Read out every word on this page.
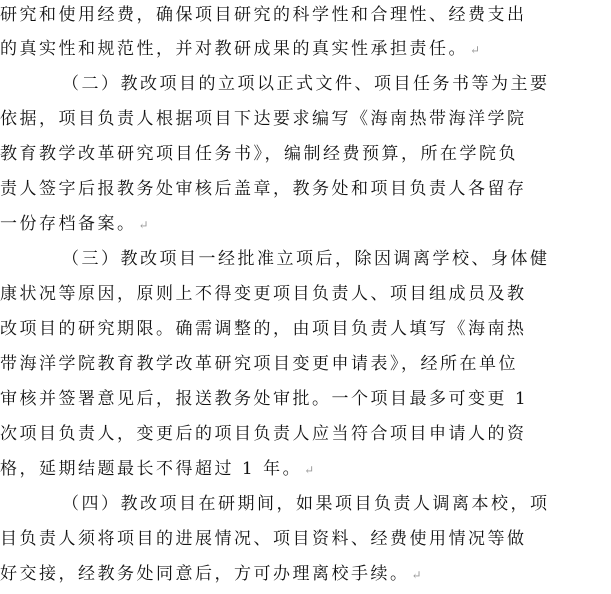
研究和使用经费，确保项目研究的科学性和合理性、经费支出
的真实性和规范性，并对教研成果的真实性承担责任。 ↵
（二）教改项目的立项以正式文件、项目任务书等为主要
依据，项目负责人根据项目下达要求编写《海南热带海洋学院
教育教学改革研究项目任务书》，编制经费预算，所在学院负
责人签字后报教务处审核后盖章，教务处和项目负责人各留存
一份存档备案。 ↵
（三）教改项目一经批准立项后，除因调离学校、身体健
康状况等原因，原则上不得变更项目负责人、项目组成员及教
改项目的研究期限。确需调整的，由项目负责人填写《海南热
带海洋学院教育教学改革研究项目变更申请表》，经所在单位
审核并签署意见后，报送教务处审批。一个项目最多可变更 1
次项目负责人，变更后的项目负责人应当符合项目申请人的资
格，延期结题最长不得超过 1 年。 ↵
（四）教改项目在研期间，如果项目负责人调离本校，项
目负责人须将项目的进展情况、项目资料、经费使用情况等做
好交接，经教务处同意后，方可办理离校手续。 ↵
